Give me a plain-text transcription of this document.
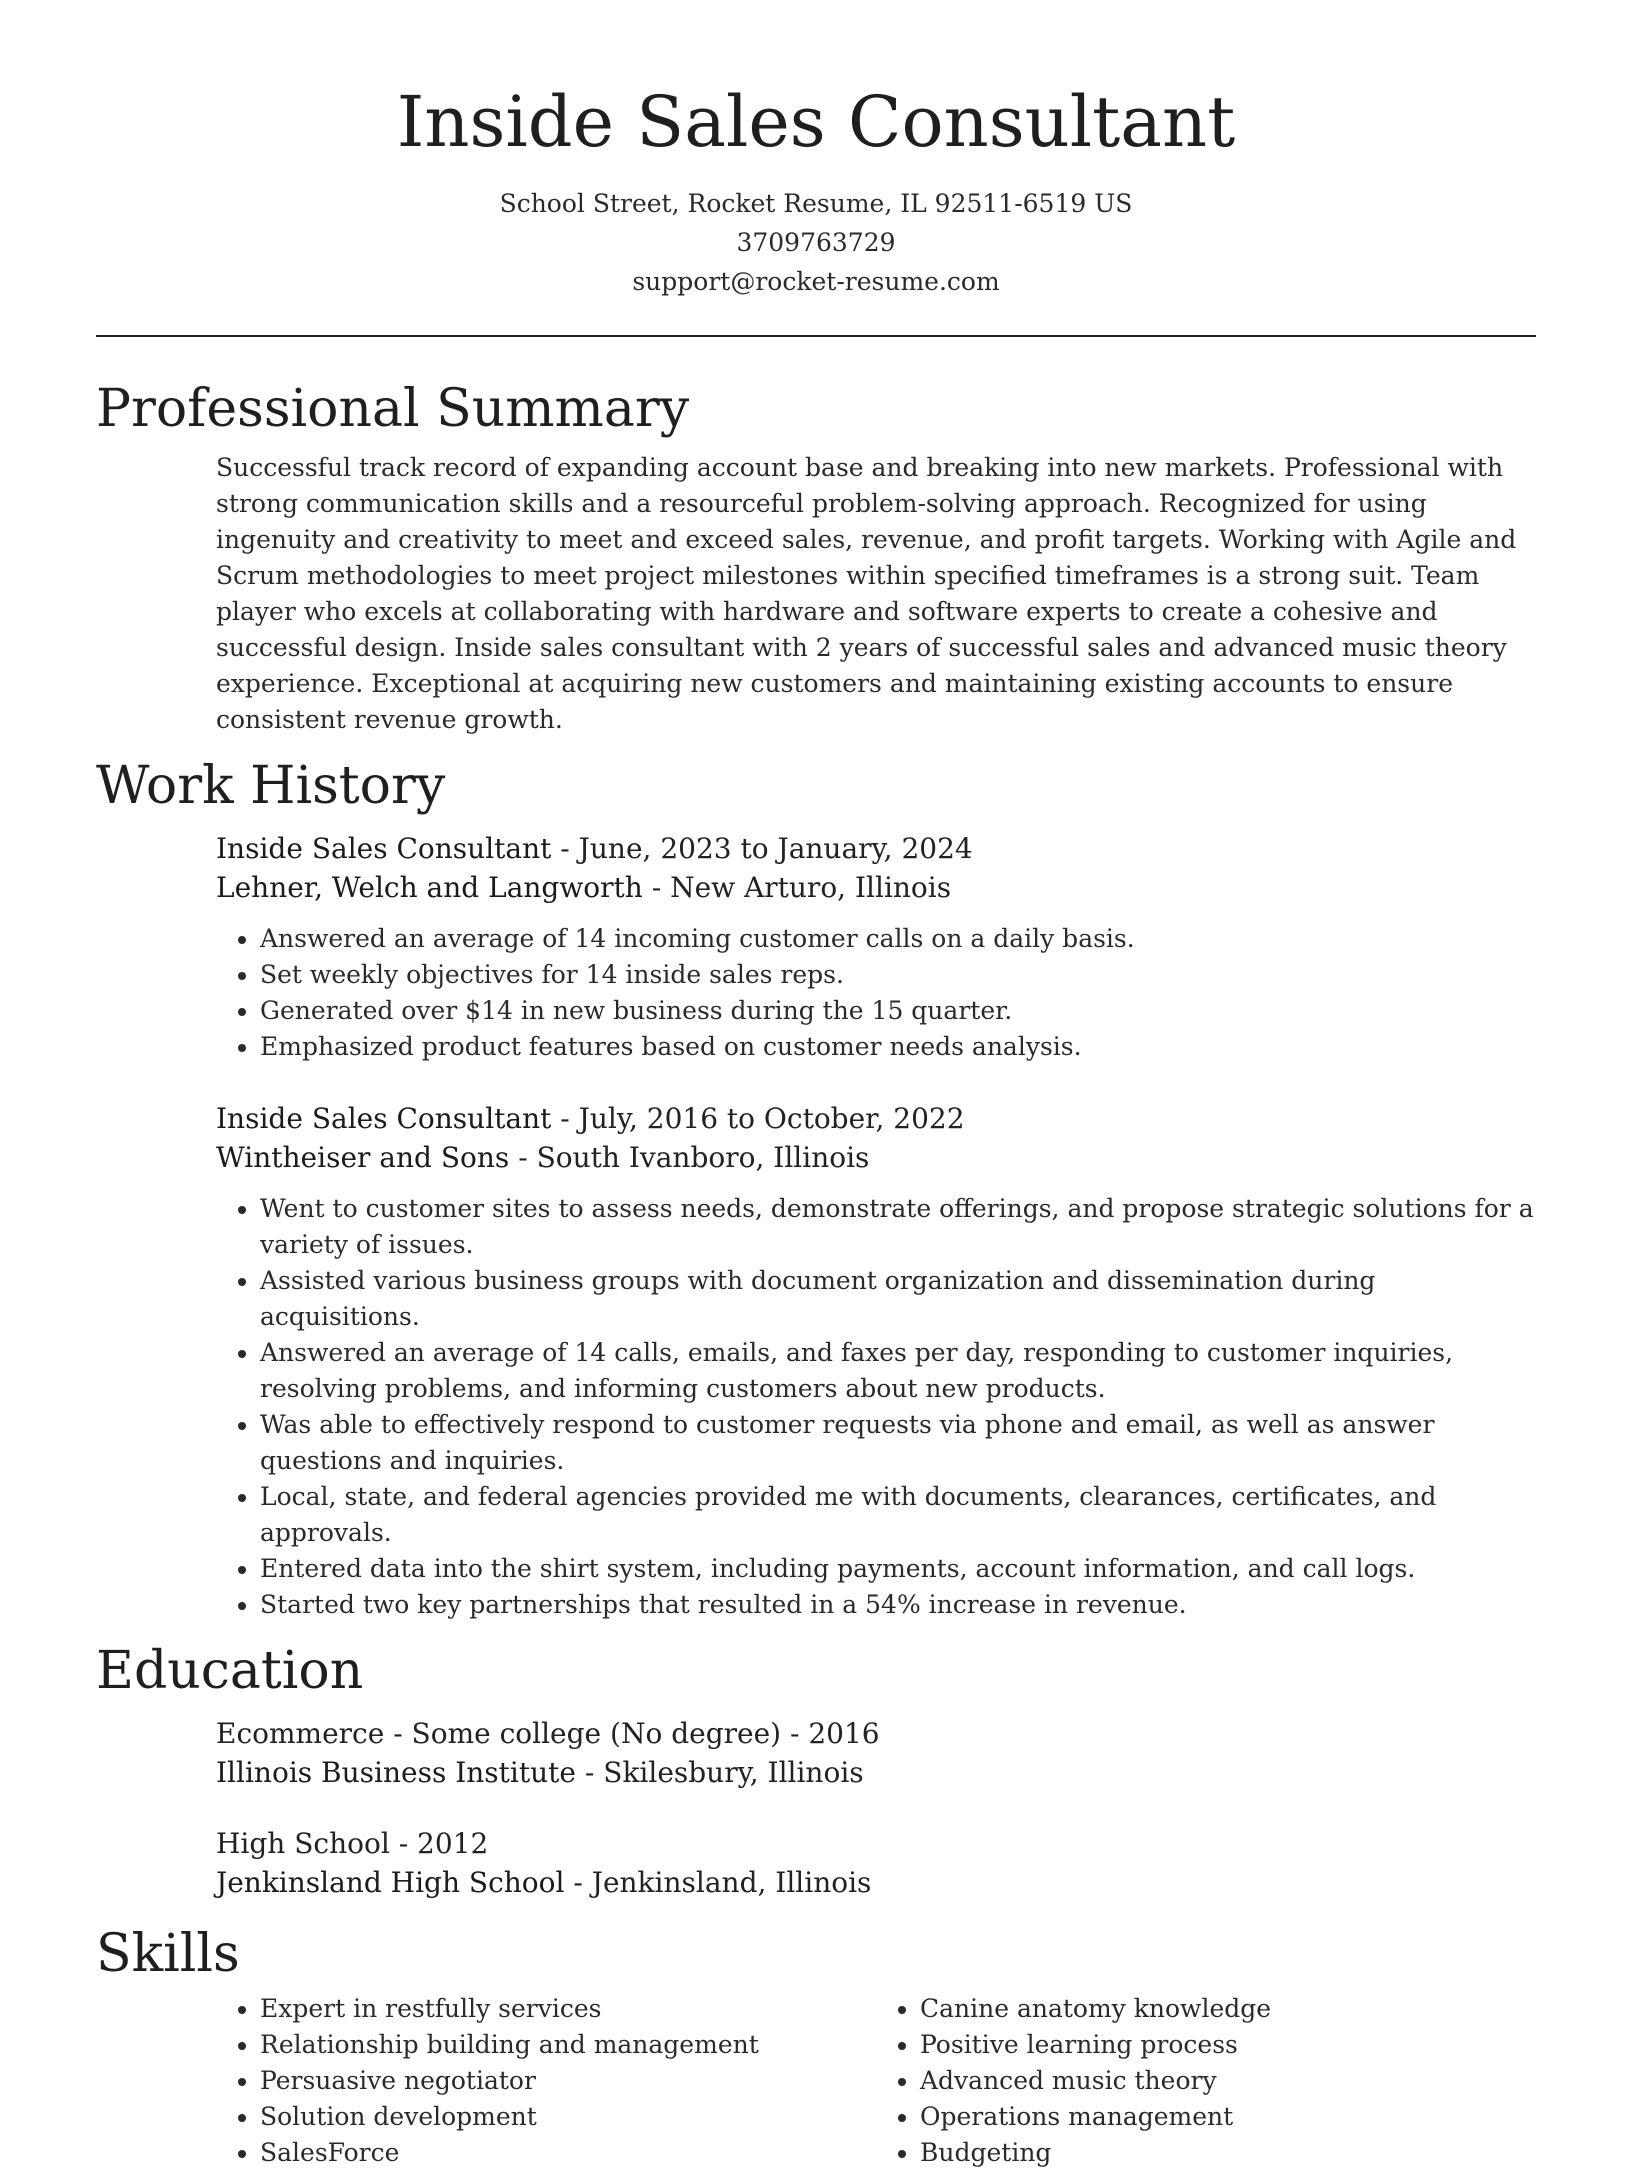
Inside Sales Consultant
School Street, Rocket Resume, IL 92511-6519 US
3709763729
support@rocket-resume.com
Professional Summary
Successful track record of expanding account base and breaking into new markets. Professional with strong communication skills and a resourceful problem-solving approach. Recognized for using ingenuity and creativity to meet and exceed sales, revenue, and profit targets. Working with Agile and Scrum methodologies to meet project milestones within specified timeframes is a strong suit. Team player who excels at collaborating with hardware and software experts to create a cohesive and successful design. Inside sales consultant with 2 years of successful sales and advanced music theory experience. Exceptional at acquiring new customers and maintaining existing accounts to ensure consistent revenue growth.
Work History
Inside Sales Consultant - June, 2023 to January, 2024
Lehner, Welch and Langworth - New Arturo, Illinois
• Answered an average of 14 incoming customer calls on a daily basis.
• Set weekly objectives for 14 inside sales reps.
• Generated over $14 in new business during the 15 quarter.
• Emphasized product features based on customer needs analysis.
Inside Sales Consultant - July, 2016 to October, 2022
Wintheiser and Sons - South Ivanboro, Illinois
• Went to customer sites to assess needs, demonstrate offerings, and propose strategic solutions for a variety of issues.
• Assisted various business groups with document organization and dissemination during acquisitions.
• Answered an average of 14 calls, emails, and faxes per day, responding to customer inquiries, resolving problems, and informing customers about new products.
• Was able to effectively respond to customer requests via phone and email, as well as answer questions and inquiries.
• Local, state, and federal agencies provided me with documents, clearances, certificates, and approvals.
• Entered data into the shirt system, including payments, account information, and call logs.
• Started two key partnerships that resulted in a 54% increase in revenue.
Education
Ecommerce - Some college (No degree) - 2016
Illinois Business Institute - Skilesbury, Illinois
High School - 2012
Jenkinsland High School - Jenkinsland, Illinois
Skills
• Expert in restfully services
• Relationship building and management
• Persuasive negotiator
• Solution development
• SalesForce
• Canine anatomy knowledge
• Positive learning process
• Advanced music theory
• Operations management
• Budgeting
